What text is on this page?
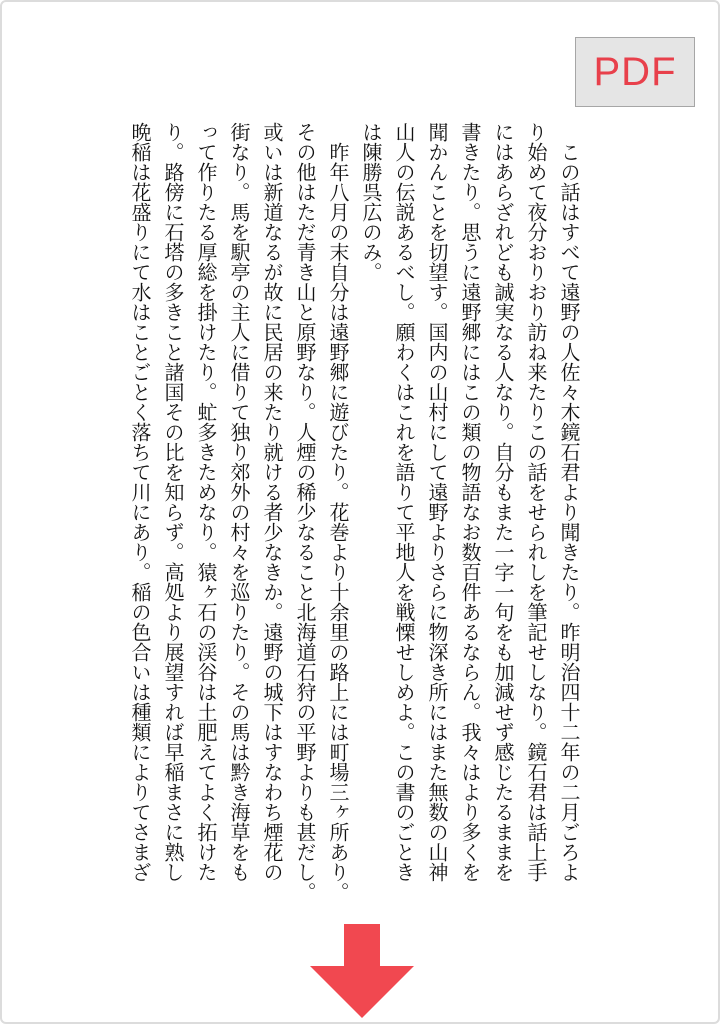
PDF
　この話はすべて遠野の人佐々木鏡石君より聞きたり。昨明治四十二年の二月ごろよ
り始めて夜分おりおり訪ね来たりこの話をせられしを筆記せしなり。鏡石君は話上手
にはあらざれども誠実なる人なり。自分もまた一字一句をも加減せず感じたるままを
書きたり。思うに遠野郷にはこの類の物語なお数百件あるならん。我々はより多くを
聞かんことを切望す。国内の山村にして遠野よりさらに物深き所にはまた無数の山神
山人の伝説あるべし。願わくはこれを語りて平地人を戦慄せしめよ。この書のごとき
は陳勝呉広のみ。
　昨年八月の末自分は遠野郷に遊びたり。花巻より十余里の路上には町場三ヶ所あり。
その他はただ青き山と原野なり。人煙の稀少なること北海道石狩の平野よりも甚だし。
或いは新道なるが故に民居の来たり就ける者少なきか。遠野の城下はすなわち煙花の
街なり。馬を駅亭の主人に借りて独り郊外の村々を巡りたり。その馬は黔き海草をも
って作りたる厚総を掛けたり。虻多きためなり。猿ヶ石の渓谷は土肥えてよく拓けた
り。路傍に石塔の多きこと諸国その比を知らず。高処より展望すれば早稲まさに熟し
晩稲は花盛りにて水はことごとく落ちて川にあり。稲の色合いは種類によりてさまざ
